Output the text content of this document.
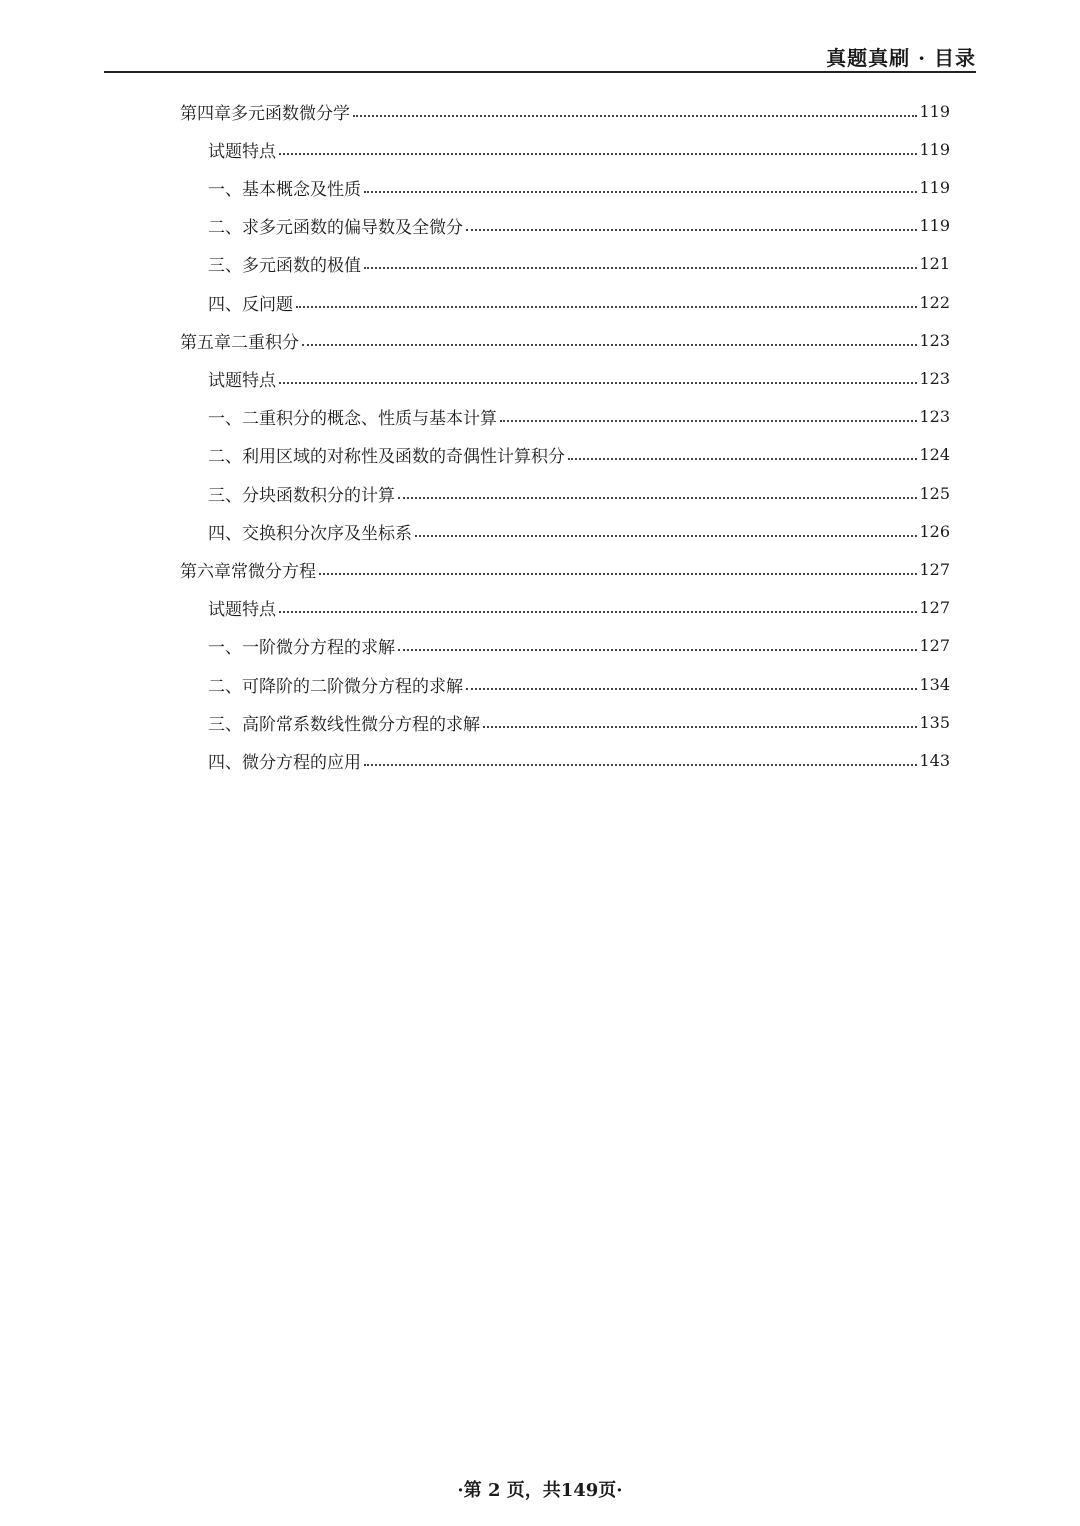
真题真刷 · 目录
第四章多元函数微分学	119
试题特点	119
一、基本概念及性质	119
二、求多元函数的偏导数及全微分	119
三、多元函数的极值	121
四、反问题	122
第五章二重积分	123
试题特点	123
一、二重积分的概念、性质与基本计算	123
二、利用区域的对称性及函数的奇偶性计算积分	124
三、分块函数积分的计算	125
四、交换积分次序及坐标系	126
第六章常微分方程	127
试题特点	127
一、一阶微分方程的求解	127
二、可降阶的二阶微分方程的求解	134
三、高阶常系数线性微分方程的求解	135
四、微分方程的应用	143
·第 2 页，共149页·
